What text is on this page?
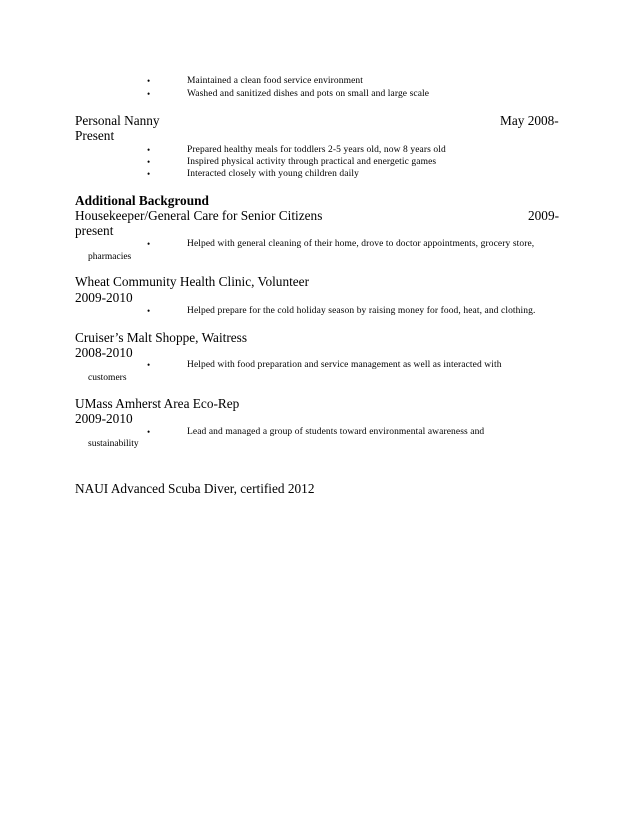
•	Maintained a clean food service environment
•	Washed and sanitized dishes and pots on small and large scale
Personal Nanny	May 2008-
Present
•	Prepared healthy meals for toddlers 2-5 years old, now 8 years old
•	Inspired physical activity through practical and energetic games
•	Interacted closely with young children daily
Additional Background
Housekeeper/General Care for Senior Citizens	2009-
present
•	Helped with general cleaning of their home, drove to doctor appointments, grocery store,
pharmacies
Wheat Community Health Clinic, Volunteer
2009-2010
•	Helped prepare for the cold holiday season by raising money for food, heat, and clothing.
Cruiser’s Malt Shoppe, Waitress
2008-2010
•	Helped with food preparation and service management as well as interacted with
customers
UMass Amherst Area Eco-Rep
2009-2010
•	Lead and managed a group of students toward environmental awareness and
sustainability
NAUI Advanced Scuba Diver, certified 2012
